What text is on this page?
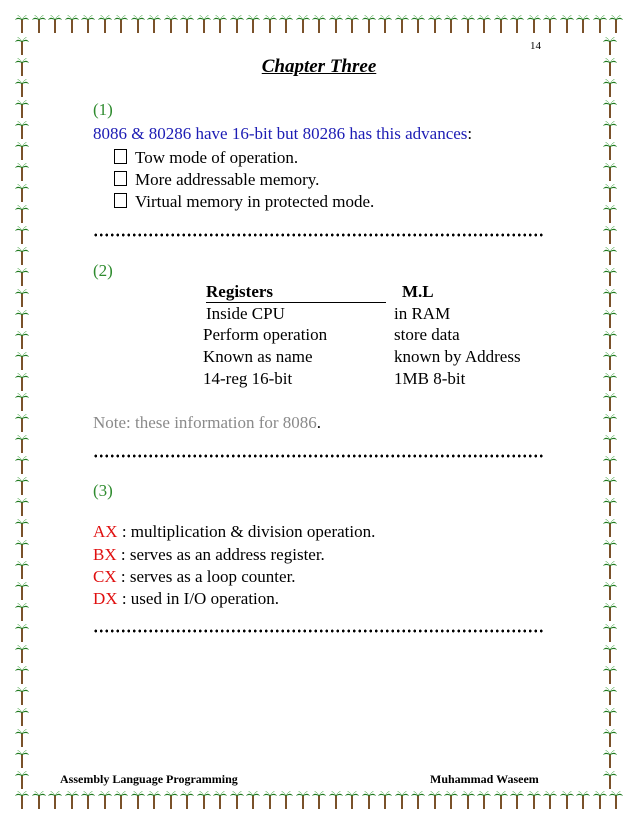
14
Chapter Three
(1)
8086 & 80286 have 16-bit but 80286 has this advances:
Tow mode of operation.
More addressable memory.
Virtual memory in protected mode.
(2)
Registers	M.L
Inside CPU	in RAM
Perform operation	store data
Known as name	known by Address
14-reg 16-bit	1MB 8-bit
Note: these information for 8086.
(3)
AX : multiplication & division operation.
BX : serves as an address register.
CX : serves as a loop counter.
DX : used in I/O operation.
Assembly Language Programming	Muhammad Waseem
